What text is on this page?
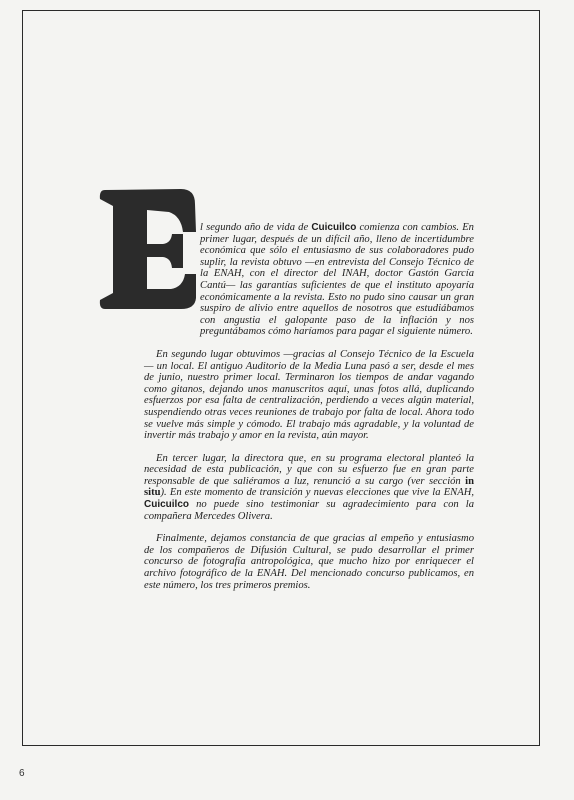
l segundo año de vida de Cuicuilco comienza con cambios. En primer lugar, después de un difícil año, lleno de incertidumbre económica que sólo el entusiasmo de sus colaboradores pudo suplir, la revista obtuvo —en entrevista del Consejo Técnico de la ENAH, con el director del INAH, doctor Gastón García Cantú— las garantías suficientes de que el instituto apoyaría económicamente a la revista. Esto no pudo sino causar un gran suspiro de alivio entre aquellos de nosotros que estudiábamos con angustia el galopante paso de la inflación y nos preguntábamos cómo haríamos para pagar el siguiente número.

En segundo lugar obtuvimos —gracias al Consejo Técnico de la Escuela— un local. El antiguo Auditorio de la Media Luna pasó a ser, desde el mes de junio, nuestro primer local. Terminaron los tiempos de andar vagando como gitanos, dejando unos manuscritos aquí, unas fotos allá, duplicando esfuerzos por esa falta de centralización, perdiendo a veces algún material, suspendiendo otras veces reuniones de trabajo por falta de local. Ahora todo se vuelve más simple y cómodo. El trabajo más agradable, y la voluntad de invertir más trabajo y amor en la revista, aún mayor.

En tercer lugar, la directora que, en su programa electoral planteó la necesidad de esta publicación, y que con su esfuerzo fue en gran parte responsable de que saliéramos a luz, renunció a su cargo (ver sección in situ). En este momento de transición y nuevas elecciones que vive la ENAH, Cuicuilco no puede sino testimoniar su agradecimiento para con la compañera Mercedes Olivera.

Finalmente, dejamos constancia de que gracias al empeño y entusiasmo de los compañeros de Difusión Cultural, se pudo desarrollar el primer concurso de fotografía antropológica, que mucho hizo por enriquecer el archivo fotográfico de la ENAH. Del mencionado concurso publicamos, en este número, los tres primeros premios.

6
